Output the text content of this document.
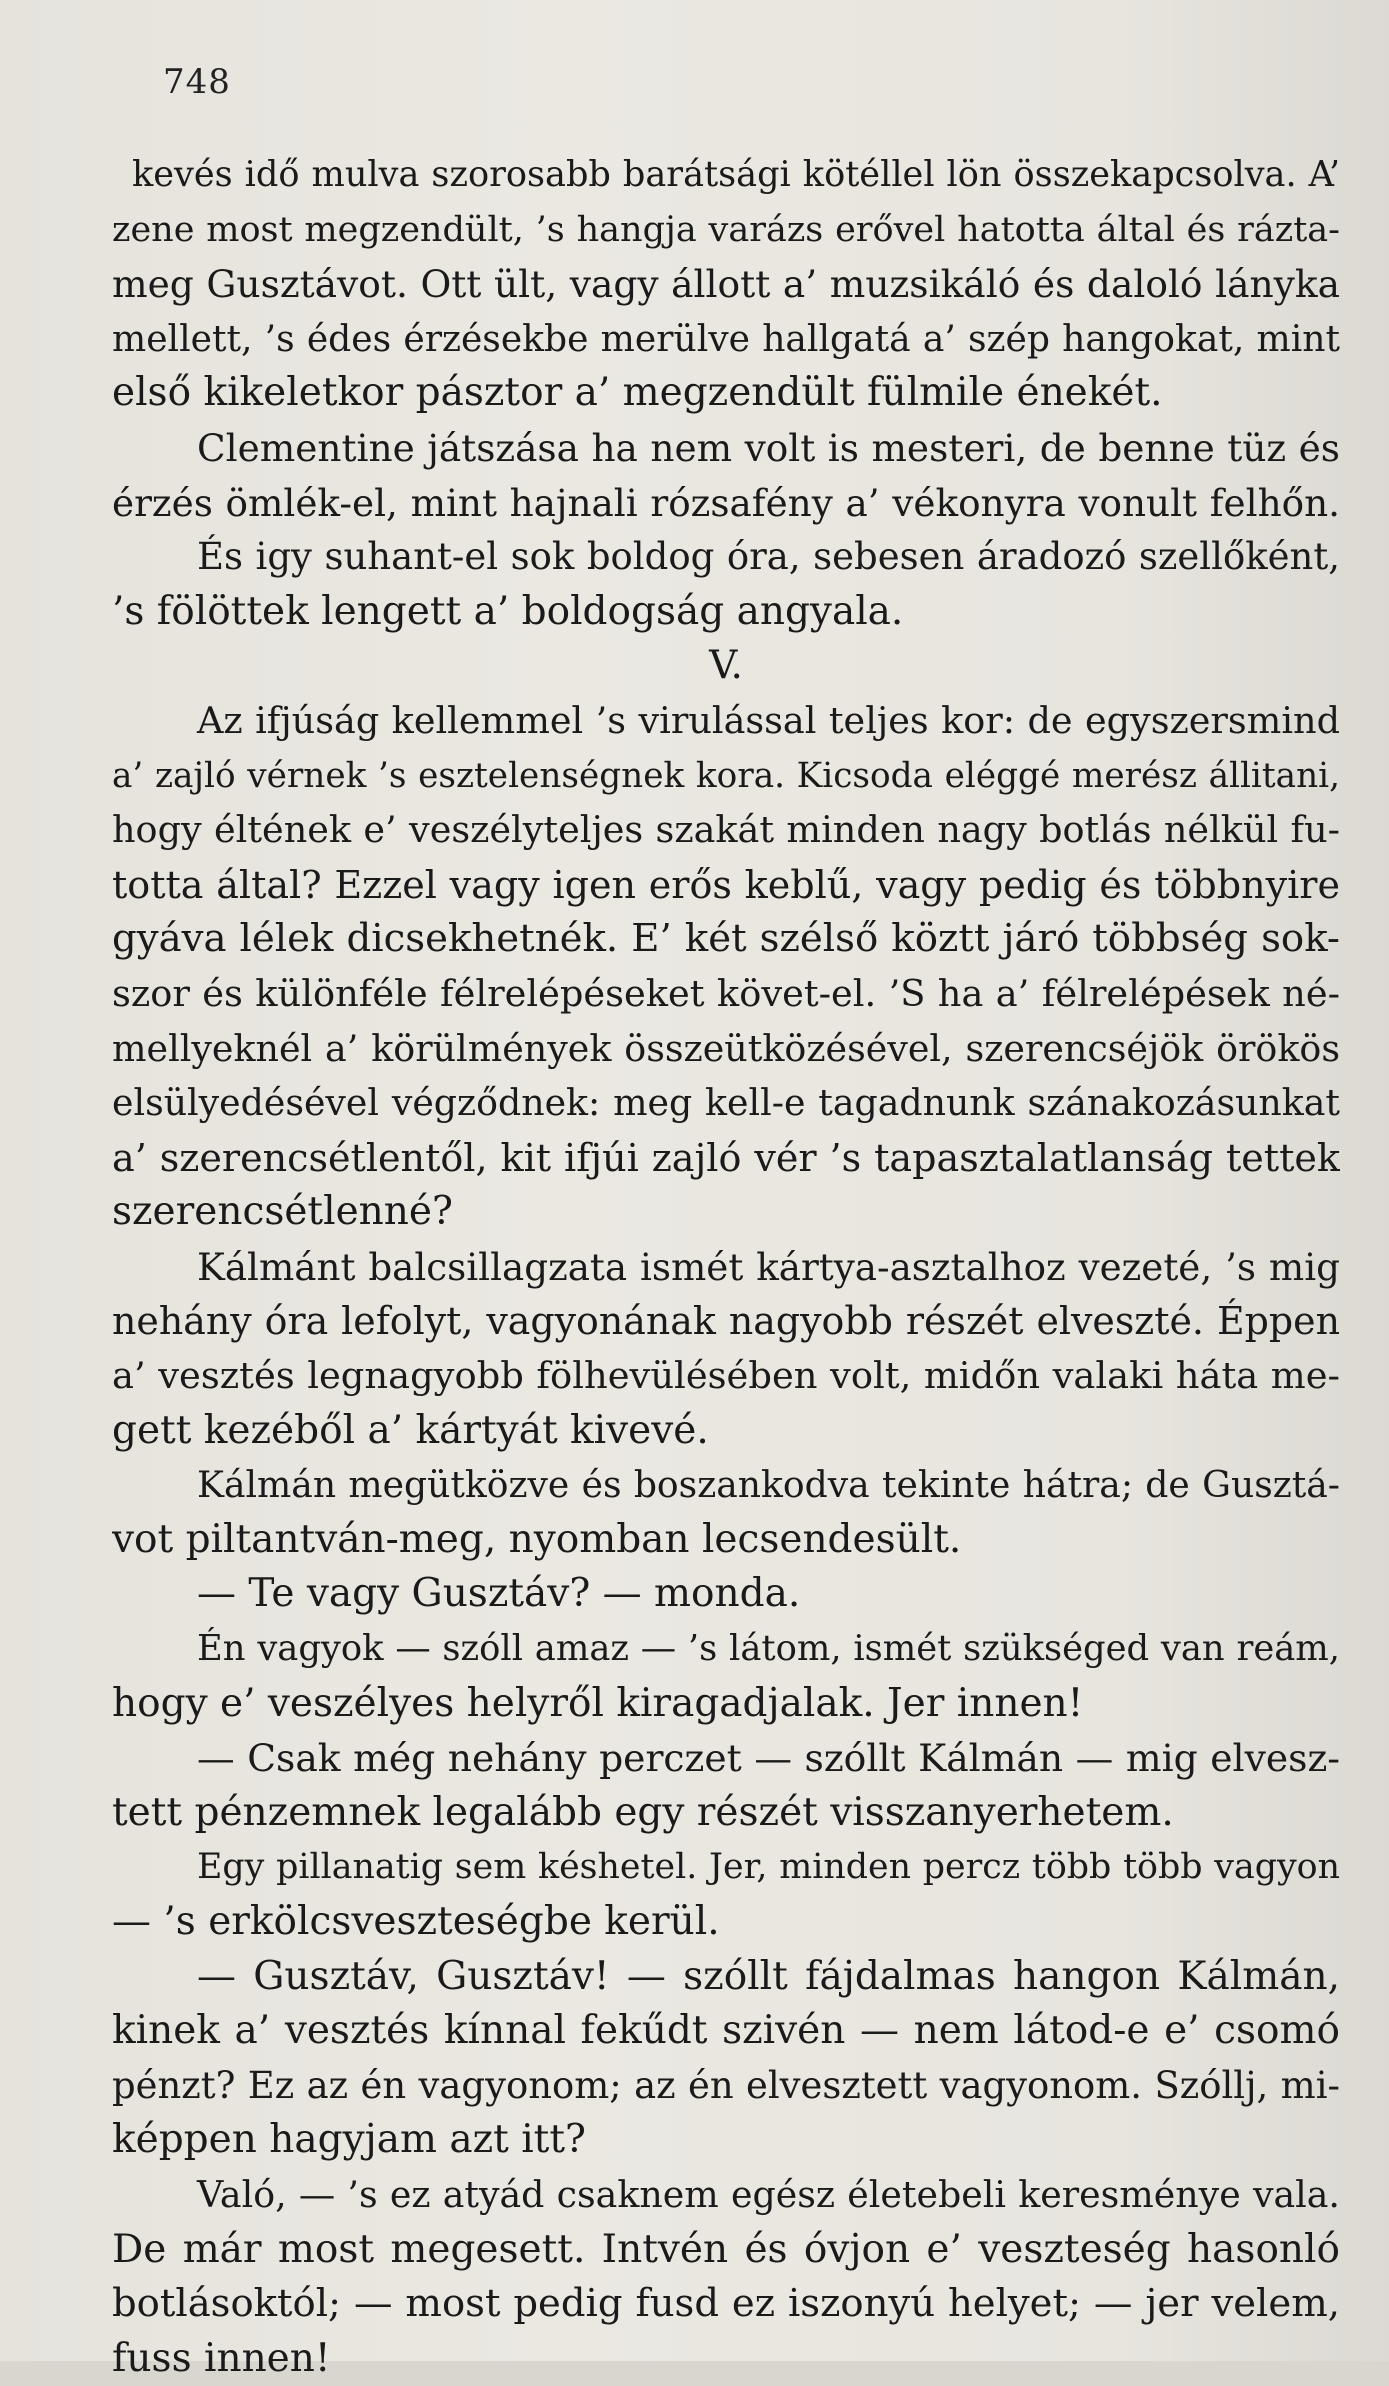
748
kevés idő mulva szorosabb barátsági kötéllel lön összekapcsolva. A’
zene most megzendült, ’s hangja varázs erővel hatotta által és rázta-
meg Gusztávot. Ott ült, vagy állott a’ muzsikáló és daloló lányka
mellett, ’s édes érzésekbe merülve hallgatá a’ szép hangokat, mint
első kikeletkor pásztor a’ megzendült fülmile énekét.
Clementine játszása ha nem volt is mesteri, de benne tüz és
érzés ömlék-el, mint hajnali rózsafény a’ vékonyra vonult felhőn.
És igy suhant-el sok boldog óra, sebesen áradozó szellőként,
’s fölöttek lengett a’ boldogság angyala.
V.
Az ifjúság kellemmel ’s virulással teljes kor: de egyszersmind
a’ zajló vérnek ’s esztelenségnek kora. Kicsoda eléggé merész állitani,
hogy éltének e’ veszélyteljes szakát minden nagy botlás nélkül fu-
totta által? Ezzel vagy igen erős keblű, vagy pedig és többnyire
gyáva lélek dicsekhetnék. E’ két szélső köztt járó többség sok-
szor és különféle félrelépéseket követ-el. ’S ha a’ félrelépések né-
mellyeknél a’ körülmények összeütközésével, szerencséjök örökös
elsülyedésével végződnek: meg kell-e tagadnunk szánakozásunkat
a’ szerencsétlentől, kit ifjúi zajló vér ’s tapasztalatlanság tettek
szerencsétlenné?
Kálmánt balcsillagzata ismét kártya-asztalhoz vezeté, ’s mig
nehány óra lefolyt, vagyonának nagyobb részét elveszté. Éppen
a’ vesztés legnagyobb fölhevülésében volt, midőn valaki háta me-
gett kezéből a’ kártyát kivevé.
Kálmán megütközve és boszankodva tekinte hátra; de Gusztá-
vot piltantván-meg, nyomban lecsendesült.
— Te vagy Gusztáv? — monda.
Én vagyok — szóll amaz — ’s látom, ismét szükséged van reám,
hogy e’ veszélyes helyről kiragadjalak. Jer innen!
— Csak még nehány perczet — szóllt Kálmán — mig elvesz-
tett pénzemnek legalább egy részét visszanyerhetem.
Egy pillanatig sem késhetel. Jer, minden percz több több vagyon
— ’s erkölcsveszteségbe kerül.
— Gusztáv, Gusztáv! — szóllt fájdalmas hangon Kálmán,
kinek a’ vesztés kínnal fekűdt szivén — nem látod-e e’ csomó
pénzt? Ez az én vagyonom; az én elvesztett vagyonom. Szóllj, mi-
képpen hagyjam azt itt?
Való, — ’s ez atyád csaknem egész életebeli keresménye vala.
De már most megesett. Intvén és óvjon e’ veszteség hasonló
botlásoktól; — most pedig fusd ez iszonyú helyet; — jer velem,
fuss innen!
